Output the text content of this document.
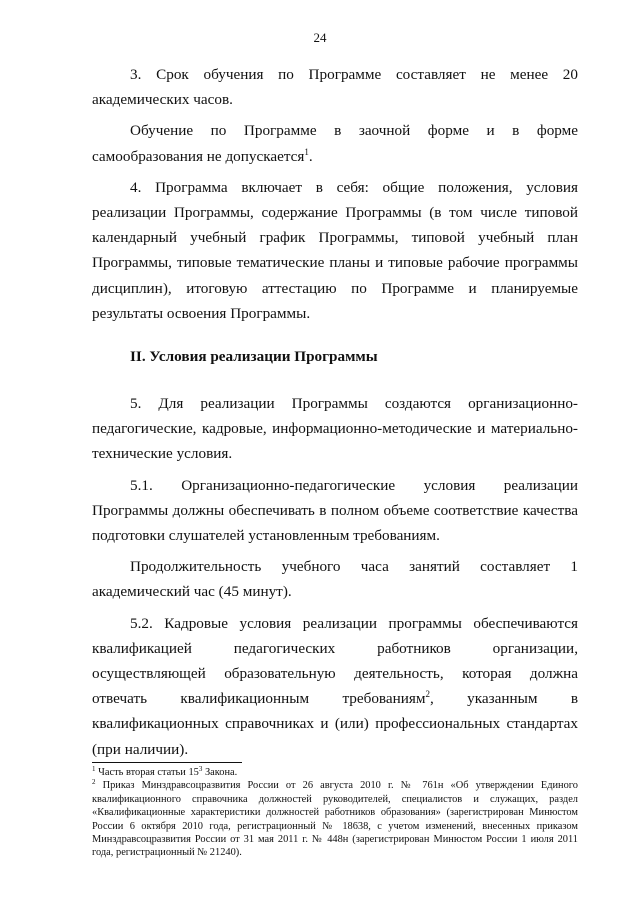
24

3. Срок обучения по Программе составляет не менее 20 академических часов.

Обучение по Программе в заочной форме и в форме самообразования не допускается$^1$.

4. Программа включает в себя: общие положения, условия реализации Программы, содержание Программы (в том числе типовой календарный учебный график Программы, типовой учебный план Программы, типовые тематические планы и типовые рабочие программы дисциплин), итоговую аттестацию по Программе и планируемые результаты освоения Программы.

II. Условия реализации Программы

5. Для реализации Программы создаются организационно-педагогические, кадровые, информационно-методические и материально-технические условия.

5.1. Организационно-педагогические условия реализации Программы должны обеспечивать в полном объеме соответствие качества подготовки слушателей установленным требованиям.

Продолжительность учебного часа занятий составляет 1 академический час (45 минут).

5.2. Кадровые условия реализации программы обеспечиваются квалификацией педагогических работников организации, осуществляющей образовательную деятельность, которая должна отвечать квалификационным требованиям$^2$, указанным в квалификационных справочниках и (или) профессиональных стандартах (при наличии).

$^1$ Часть вторая статьи $15^3$ Закона.

$^2$ Приказ Минздравсоцразвития России от 26 августа 2010 г. № 761н «Об утверждении Единого квалификационного справочника должностей руководителей, специалистов и служащих, раздел «Квалификационные характеристики должностей работников образования» (зарегистрирован Минюстом России 6 октября 2010 года, регистрационный № 18638, с учетом изменений, внесенных приказом Минздравсоцразвития России от 31 мая 2011 г. № 448н (зарегистрирован Минюстом России 1 июля 2011 года, регистрационный № 21240).
